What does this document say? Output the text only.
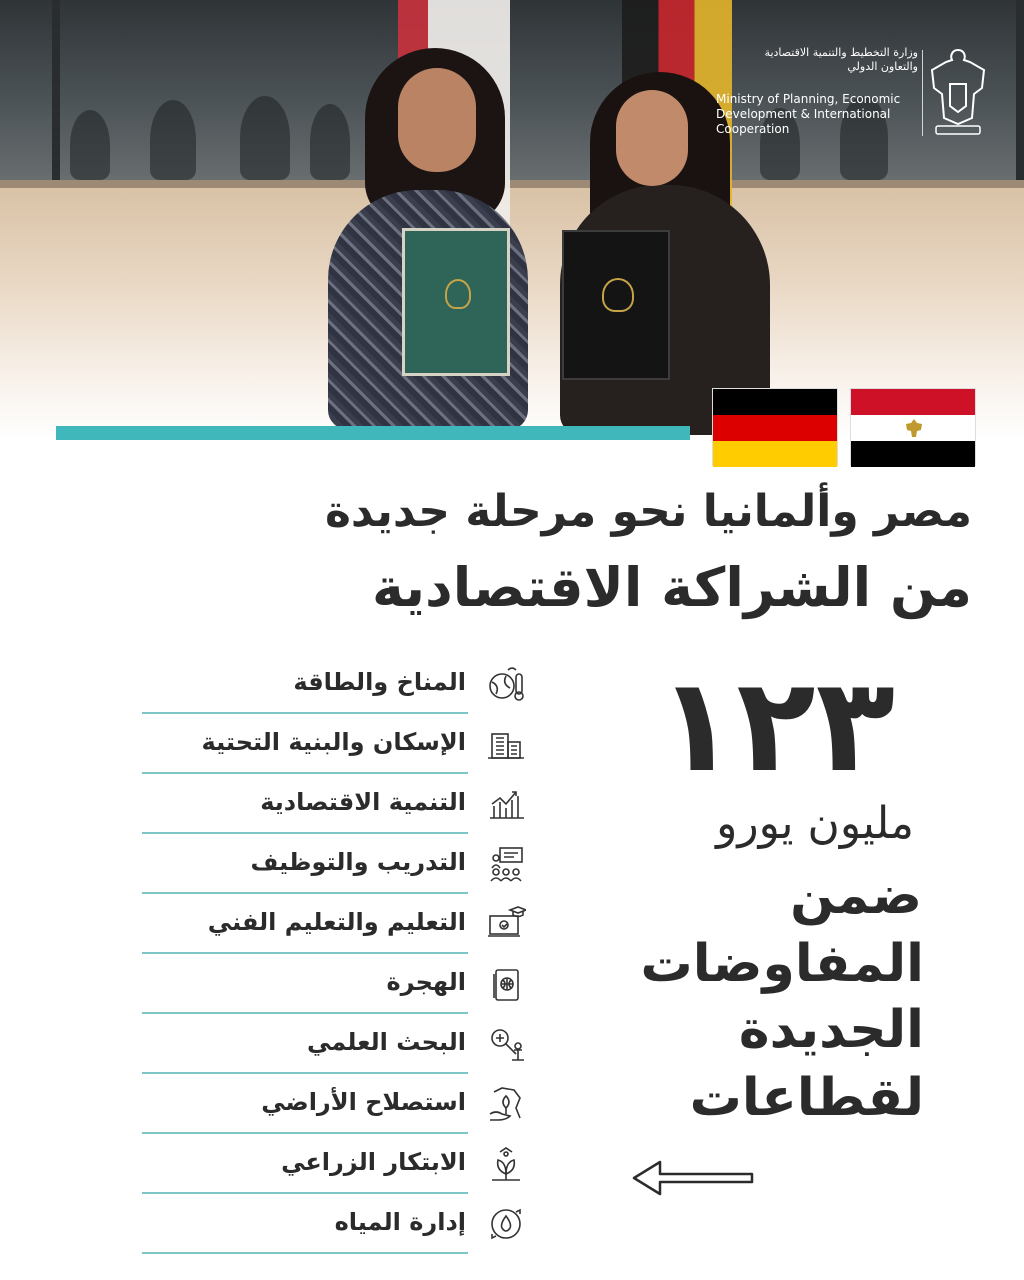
وزارة التخطيط والتنمية الاقتصادية
والتعاون الدولي
Ministry of Planning, Economic Development & International Cooperation
مصر وألمانيا نحو مرحلة جديدة
من الشراكة الاقتصادية
المناخ والطاقة
الإسكان والبنية التحتية
التنمية الاقتصادية
التدريب والتوظيف
التعليم والتعليم الفني
الهجرة
البحث العلمي
استصلاح الأراضي
الابتكار الزراعي
إدارة المياه
١٢٣
مليون يورو
ضمن
المفاوضات
الجديدة
لقطاعات
